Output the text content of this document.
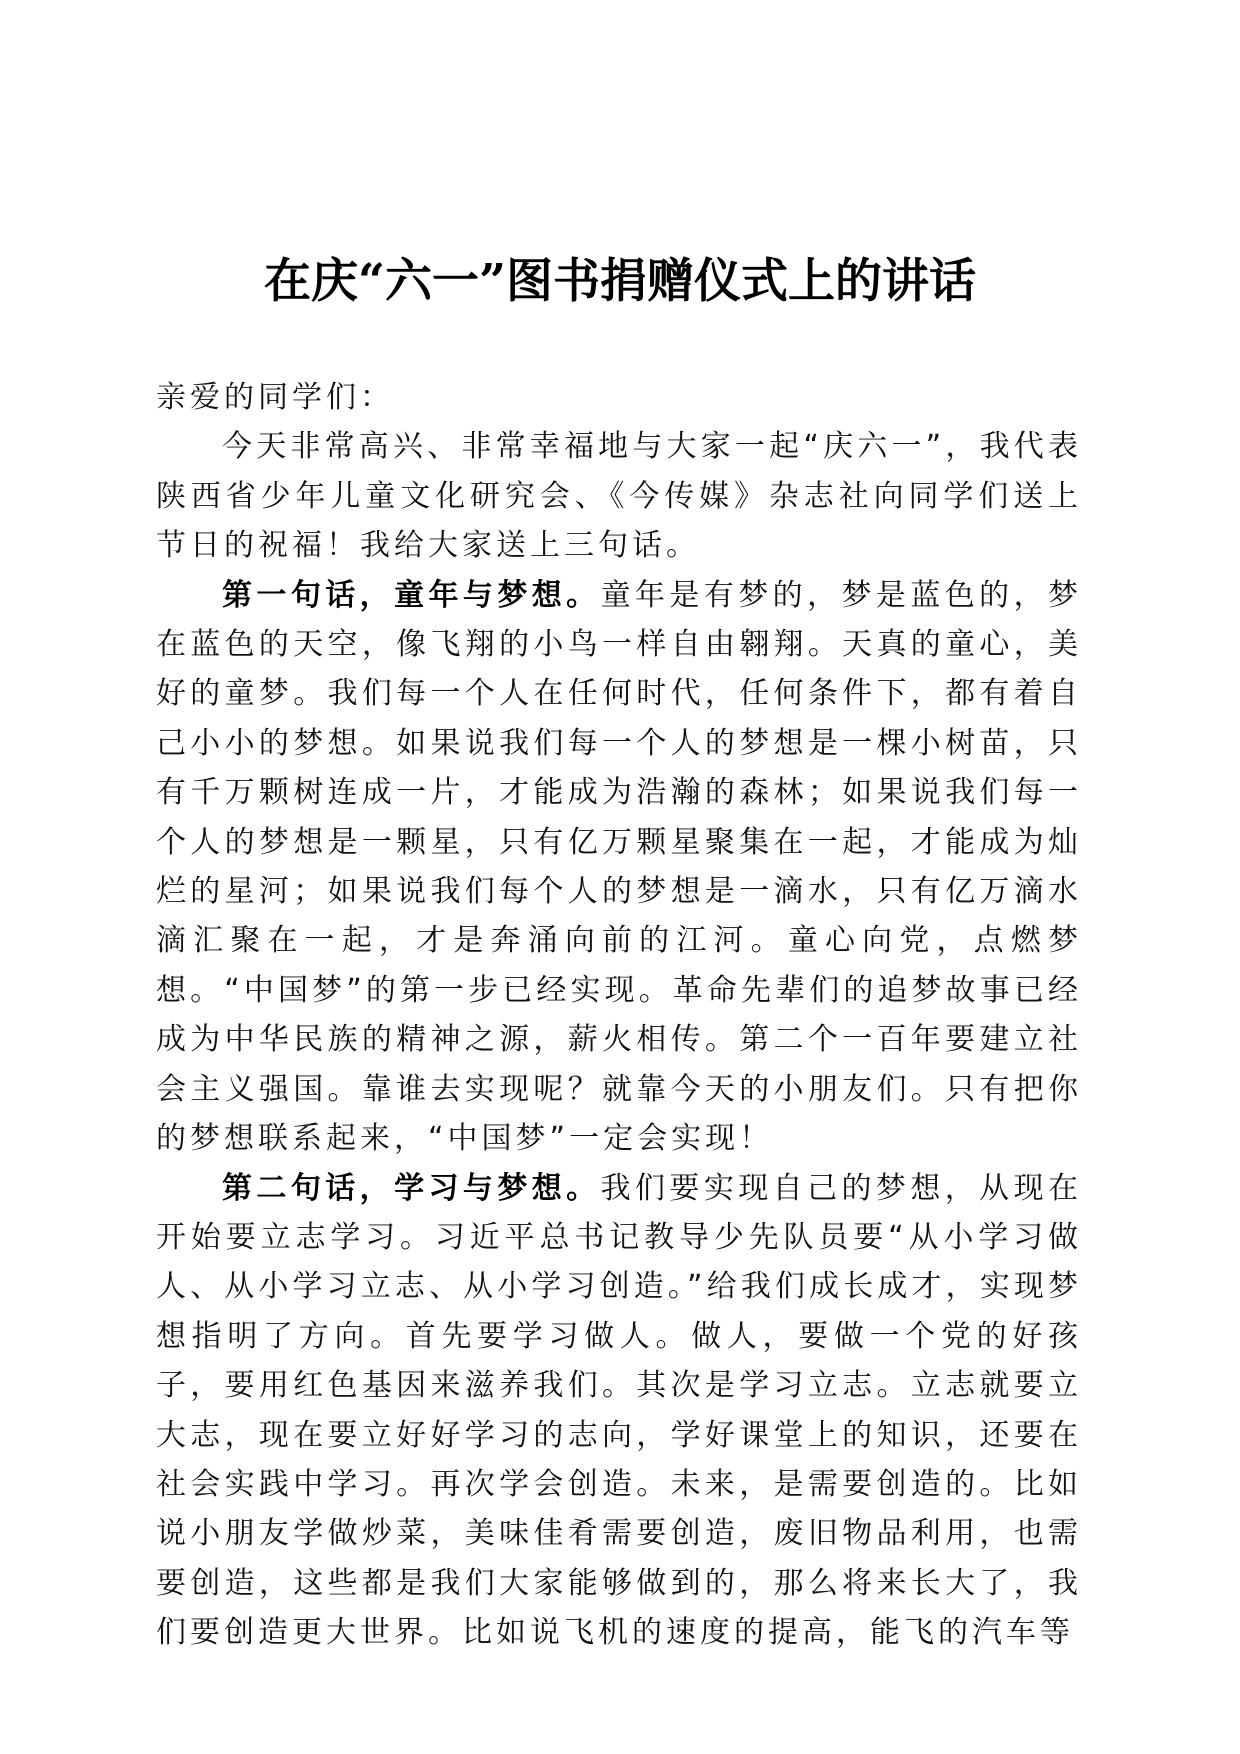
在庆“六一”图书捐赠仪式上的讲话

亲爱的同学们：

今天非常高兴、非常幸福地与大家一起“庆六一”，我代表陕西省少年儿童文化研究会、《今传媒》杂志社向同学们送上节日的祝福！我给大家送上三句话。

第一句话，童年与梦想。童年是有梦的，梦是蓝色的，梦在蓝色的天空，像飞翔的小鸟一样自由翱翔。天真的童心，美好的童梦。我们每一个人在任何时代，任何条件下，都有着自己小小的梦想。如果说我们每一个人的梦想是一棵小树苗，只有千万颗树连成一片，才能成为浩瀚的森林；如果说我们每一个人的梦想是一颗星，只有亿万颗星聚集在一起，才能成为灿烂的星河；如果说我们每个人的梦想是一滴水，只有亿万滴水滴汇聚在一起，才是奔涌向前的江河。童心向党，点燃梦想。“中国梦”的第一步已经实现。革命先辈们的追梦故事已经成为中华民族的精神之源，薪火相传。第二个一百年要建立社会主义强国。靠谁去实现呢？就靠今天的小朋友们。只有把你的梦想联系起来，“中国梦”一定会实现！

第二句话，学习与梦想。我们要实现自己的梦想，从现在开始要立志学习。习近平总书记教导少先队员要“从小学习做人、从小学习立志、从小学习创造。”给我们成长成才，实现梦想指明了方向。首先要学习做人。做人，要做一个党的好孩子，要用红色基因来滋养我们。其次是学习立志。立志就要立大志，现在要立好好学习的志向，学好课堂上的知识，还要在社会实践中学习。再次学会创造。未来，是需要创造的。比如说小朋友学做炒菜，美味佳肴需要创造，废旧物品利用，也需要创造，这些都是我们大家能够做到的，那么将来长大了，我们要创造更大世界。比如说飞机的速度的提高，能飞的汽车等
